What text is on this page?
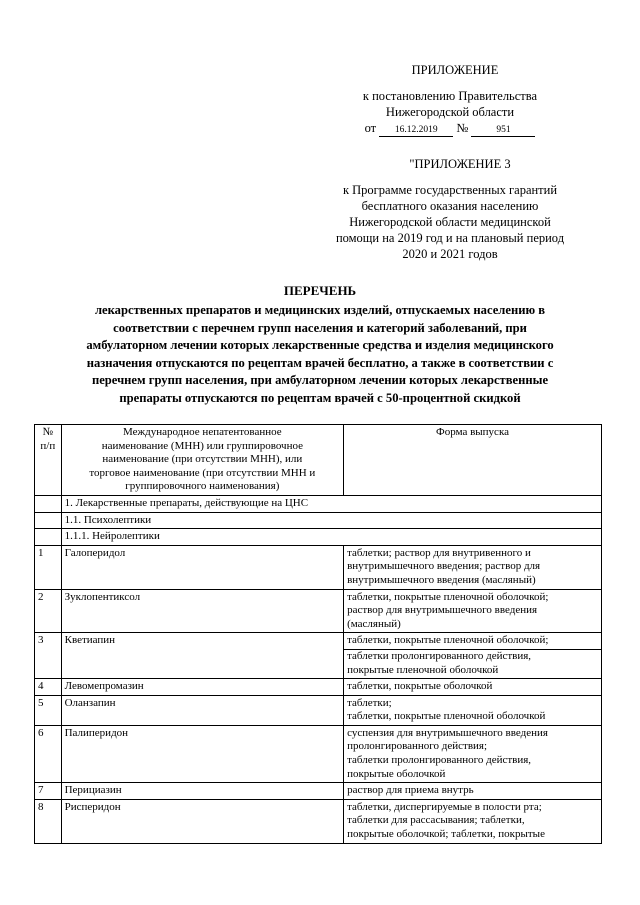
ПРИЛОЖЕНИЕ
к постановлению Правительства
Нижегородской области
от 16.12.2019 №	951
"ПРИЛОЖЕНИЕ 3
к Программе государственных гарантий
бесплатного оказания населению
Нижегородской области медицинской
помощи на 2019 год и на плановый период
2020 и 2021 годов
ПЕРЕЧЕНЬ
лекарственных препаратов и медицинских изделий, отпускаемых населению в
соответствии с перечнем групп населения и категорий заболеваний, при
амбулаторном лечении которых лекарственные средства и изделия медицинского
назначения отпускаются по рецептам врачей бесплатно, а также в соответствии с
перечнем групп населения, при амбулаторном лечении которых лекарственные
препараты отпускаются по рецептам врачей с 50-процентной скидкой
№
п/п	Международное непатентованное
наименование (МНН) или группировочное
наименование (при отсутствии МНН), или
торговое наименование (при отсутствии МНН и
группировочного наименования)	Форма выпуска

	1. Лекарственные препараты, действующие на ЦНС	
	1.1. Психолептики	
	1.1.1. Нейролептики	
1	Галоперидол	таблетки; раствор для внутривенного и
внутримышечного введения; раствор для
внутримышечного введения (масляный)

2	Зуклопентиксол	таблетки, покрытые пленочной оболочкой;
раствор для внутримышечного введения
(масляный)

3	Кветиапин	таблетки, покрытые пленочной оболочкой;
таблетки пролонгированного действия,
покрытые пленочной оболочкой

4	Левомепромазин	таблетки, покрытые оболочкой

5	Оланзапин	таблетки;
таблетки, покрытые пленочной оболочкой

6	Палиперидон	суспензия для внутримышечного введения
пролонгированного действия;
таблетки пролонгированного действия,
покрытые оболочкой

7	Перициазин	раствор для приема внутрь

8	Рисперидон	таблетки, диспергируемые в полости рта;
таблетки для рассасывания; таблетки,
покрытые оболочкой; таблетки, покрытые
